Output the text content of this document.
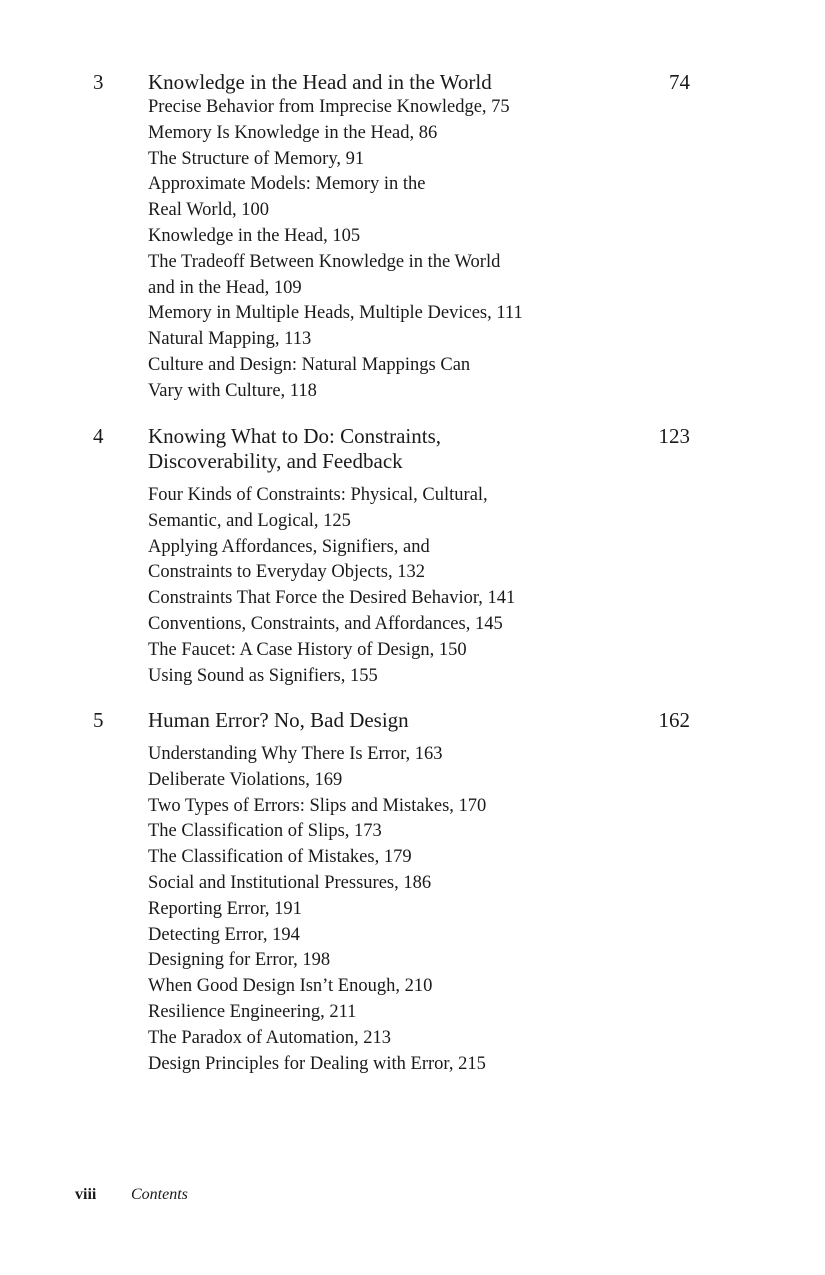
3 Knowledge in the Head and in the World	74
Precise Behavior from Imprecise Knowledge, 75
Memory Is Knowledge in the Head, 86
The Structure of Memory, 91
Approximate Models: Memory in the
Real World, 100
Knowledge in the Head, 105
The Tradeoff Between Knowledge in the World
and in the Head, 109
Memory in Multiple Heads, Multiple Devices, 111
Natural Mapping, 113
Culture and Design: Natural Mappings Can
Vary with Culture, 118
4 Knowing What to Do: Constraints,
Discoverability, and Feedback
123
Four Kinds of Constraints: Physical, Cultural,
Semantic, and Logical, 125
Applying Affordances, Signifiers, and
Constraints to Everyday Objects, 132
Constraints That Force the Desired Behavior, 141
Conventions, Constraints, and Affordances, 145
The Faucet: A Case History of Design, 150
Using Sound as Signifiers, 155
5 Human Error? No, Bad Design	162
Understanding Why There Is Error, 163
Deliberate Violations, 169
Two Types of Errors: Slips and Mistakes, 170
The Classification of Slips, 173
The Classification of Mistakes, 179
Social and Institutional Pressures, 186
Reporting Error, 191
Detecting Error, 194
Designing for Error, 198
When Good Design Isn’t Enough, 210
Resilience Engineering, 211
The Paradox of Automation, 213
Design Principles for Dealing with Error, 215
viii Contents
